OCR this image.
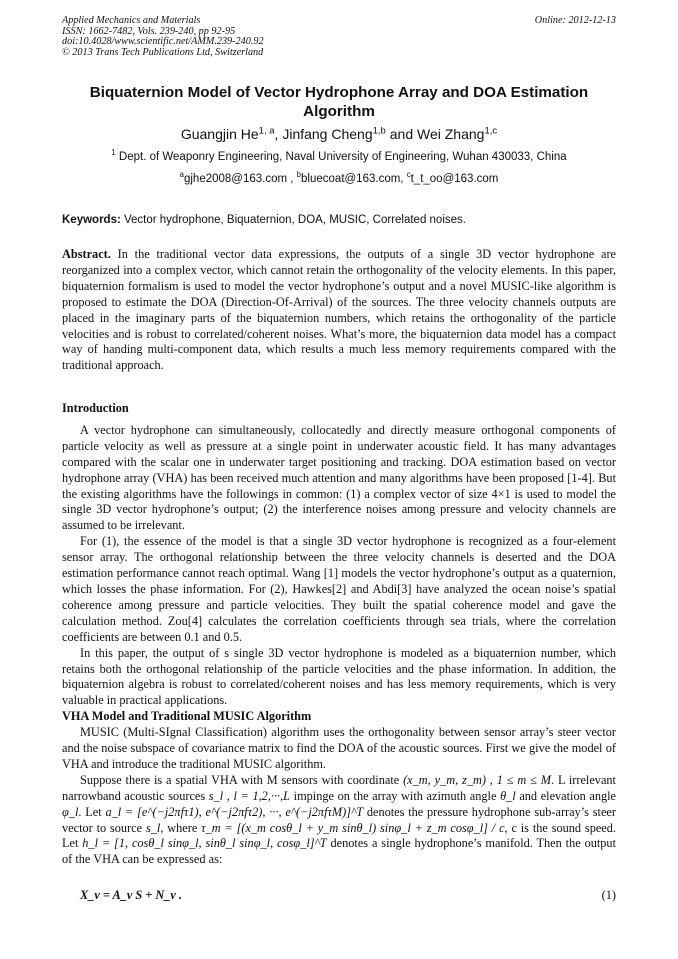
Applied Mechanics and Materials
ISSN: 1662-7482, Vols. 239-240, pp 92-95
doi:10.4028/www.scientific.net/AMM.239-240.92
© 2013 Trans Tech Publications Ltd, Switzerland
Online: 2012-12-13
Biquaternion Model of Vector Hydrophone Array and DOA Estimation Algorithm
Guangjin He$^{1, a}$, Jinfang Cheng$^{1,b}$ and Wei Zhang$^{1,c}$
$^1$ Dept. of Weaponry Engineering, Naval University of Engineering, Wuhan 430033, China
$^a$gjhe2008@163.com , $^b$bluecoat@163.com, $^c$t_t_oo@163.com
Keywords: Vector hydrophone, Biquaternion, DOA, MUSIC, Correlated noises.

Abstract. In the traditional vector data expressions, the outputs of a single 3D vector hydrophone are reorganized into a complex vector, which cannot retain the orthogonality of the velocity elements. In this paper, biquaternion formalism is used to model the vector hydrophone’s output and a novel MUSIC-like algorithm is proposed to estimate the DOA (Direction-Of-Arrival) of the sources. The three velocity channels outputs are placed in the imaginary parts of the biquaternion numbers, which retains the orthogonality of the particle velocities and is robust to correlated/coherent noises. What’s more, the biquaternion data model has a compact way of handing multi-component data, which results a much less memory requirements compared with the traditional approach.

Introduction

A vector hydrophone can simultaneously, collocatedly and directly measure orthogonal components of particle velocity as well as pressure at a single point in underwater acoustic field. It has many advantages compared with the scalar one in underwater target positioning and tracking. DOA estimation based on vector hydrophone array (VHA) has been received much attention and many algorithms have been proposed [1-4]. But the existing algorithms have the followings in common: (1) a complex vector of size 4×1 is used to model the single 3D vector hydrophone’s output; (2) the interference noises among pressure and velocity channels are assumed to be irrelevant.

For (1), the essence of the model is that a single 3D vector hydrophone is recognized as a four-element sensor array. The orthogonal relationship between the three velocity channels is deserted and the DOA estimation performance cannot reach optimal. Wang [1] models the vector hydrophone’s output as a quaternion, which losses the phase information. For (2), Hawkes[2] and Abdi[3] have analyzed the ocean noise’s spatial coherence among pressure and particle velocities. They built the spatial coherence model and gave the calculation method. Zou[4] calculates the correlation coefficients through sea trials, where the correlation coefficients are between 0.1 and 0.5.

In this paper, the output of s single 3D vector hydrophone is modeled as a biquaternion number, which retains both the orthogonal relationship of the particle velocities and the phase information. In addition, the biquaternion algebra is robust to correlated/coherent noises and has less memory requirements, which is very valuable in practical applications.

VHA Model and Traditional MUSIC Algorithm

MUSIC (Multi-SIgnal Classification) algorithm uses the orthogonality between sensor array’s steer vector and the noise subspace of covariance matrix to find the DOA of the acoustic sources. First we give the model of VHA and introduce the traditional MUSIC algorithm.

Suppose there is a spatial VHA with M sensors with coordinate (x_m, y_m, z_m) , 1 ≤ m ≤ M. L irrelevant narrowband acoustic sources s_l , l = 1,2,···,L impinge on the array with azimuth angle θ_l and elevation angle φ_l. Let a_l = [e^(−j2πfτ1), e^(−j2πfτ2), ···, e^(−j2πfτM)]^T denotes the pressure hydrophone sub-array’s steer vector to source s_l, where τ_m = [(x_m cosθ_l + y_m sinθ_l) sinφ_l + z_m cosφ_l] / c, c is the sound speed. Let h_l = [1, cosθ_l sinφ_l, sinθ_l sinφ_l, cosφ_l]^T denotes a single hydrophone’s manifold. Then the output of the VHA can be expressed as:

X_v = A_v S + N_v .	(1)
